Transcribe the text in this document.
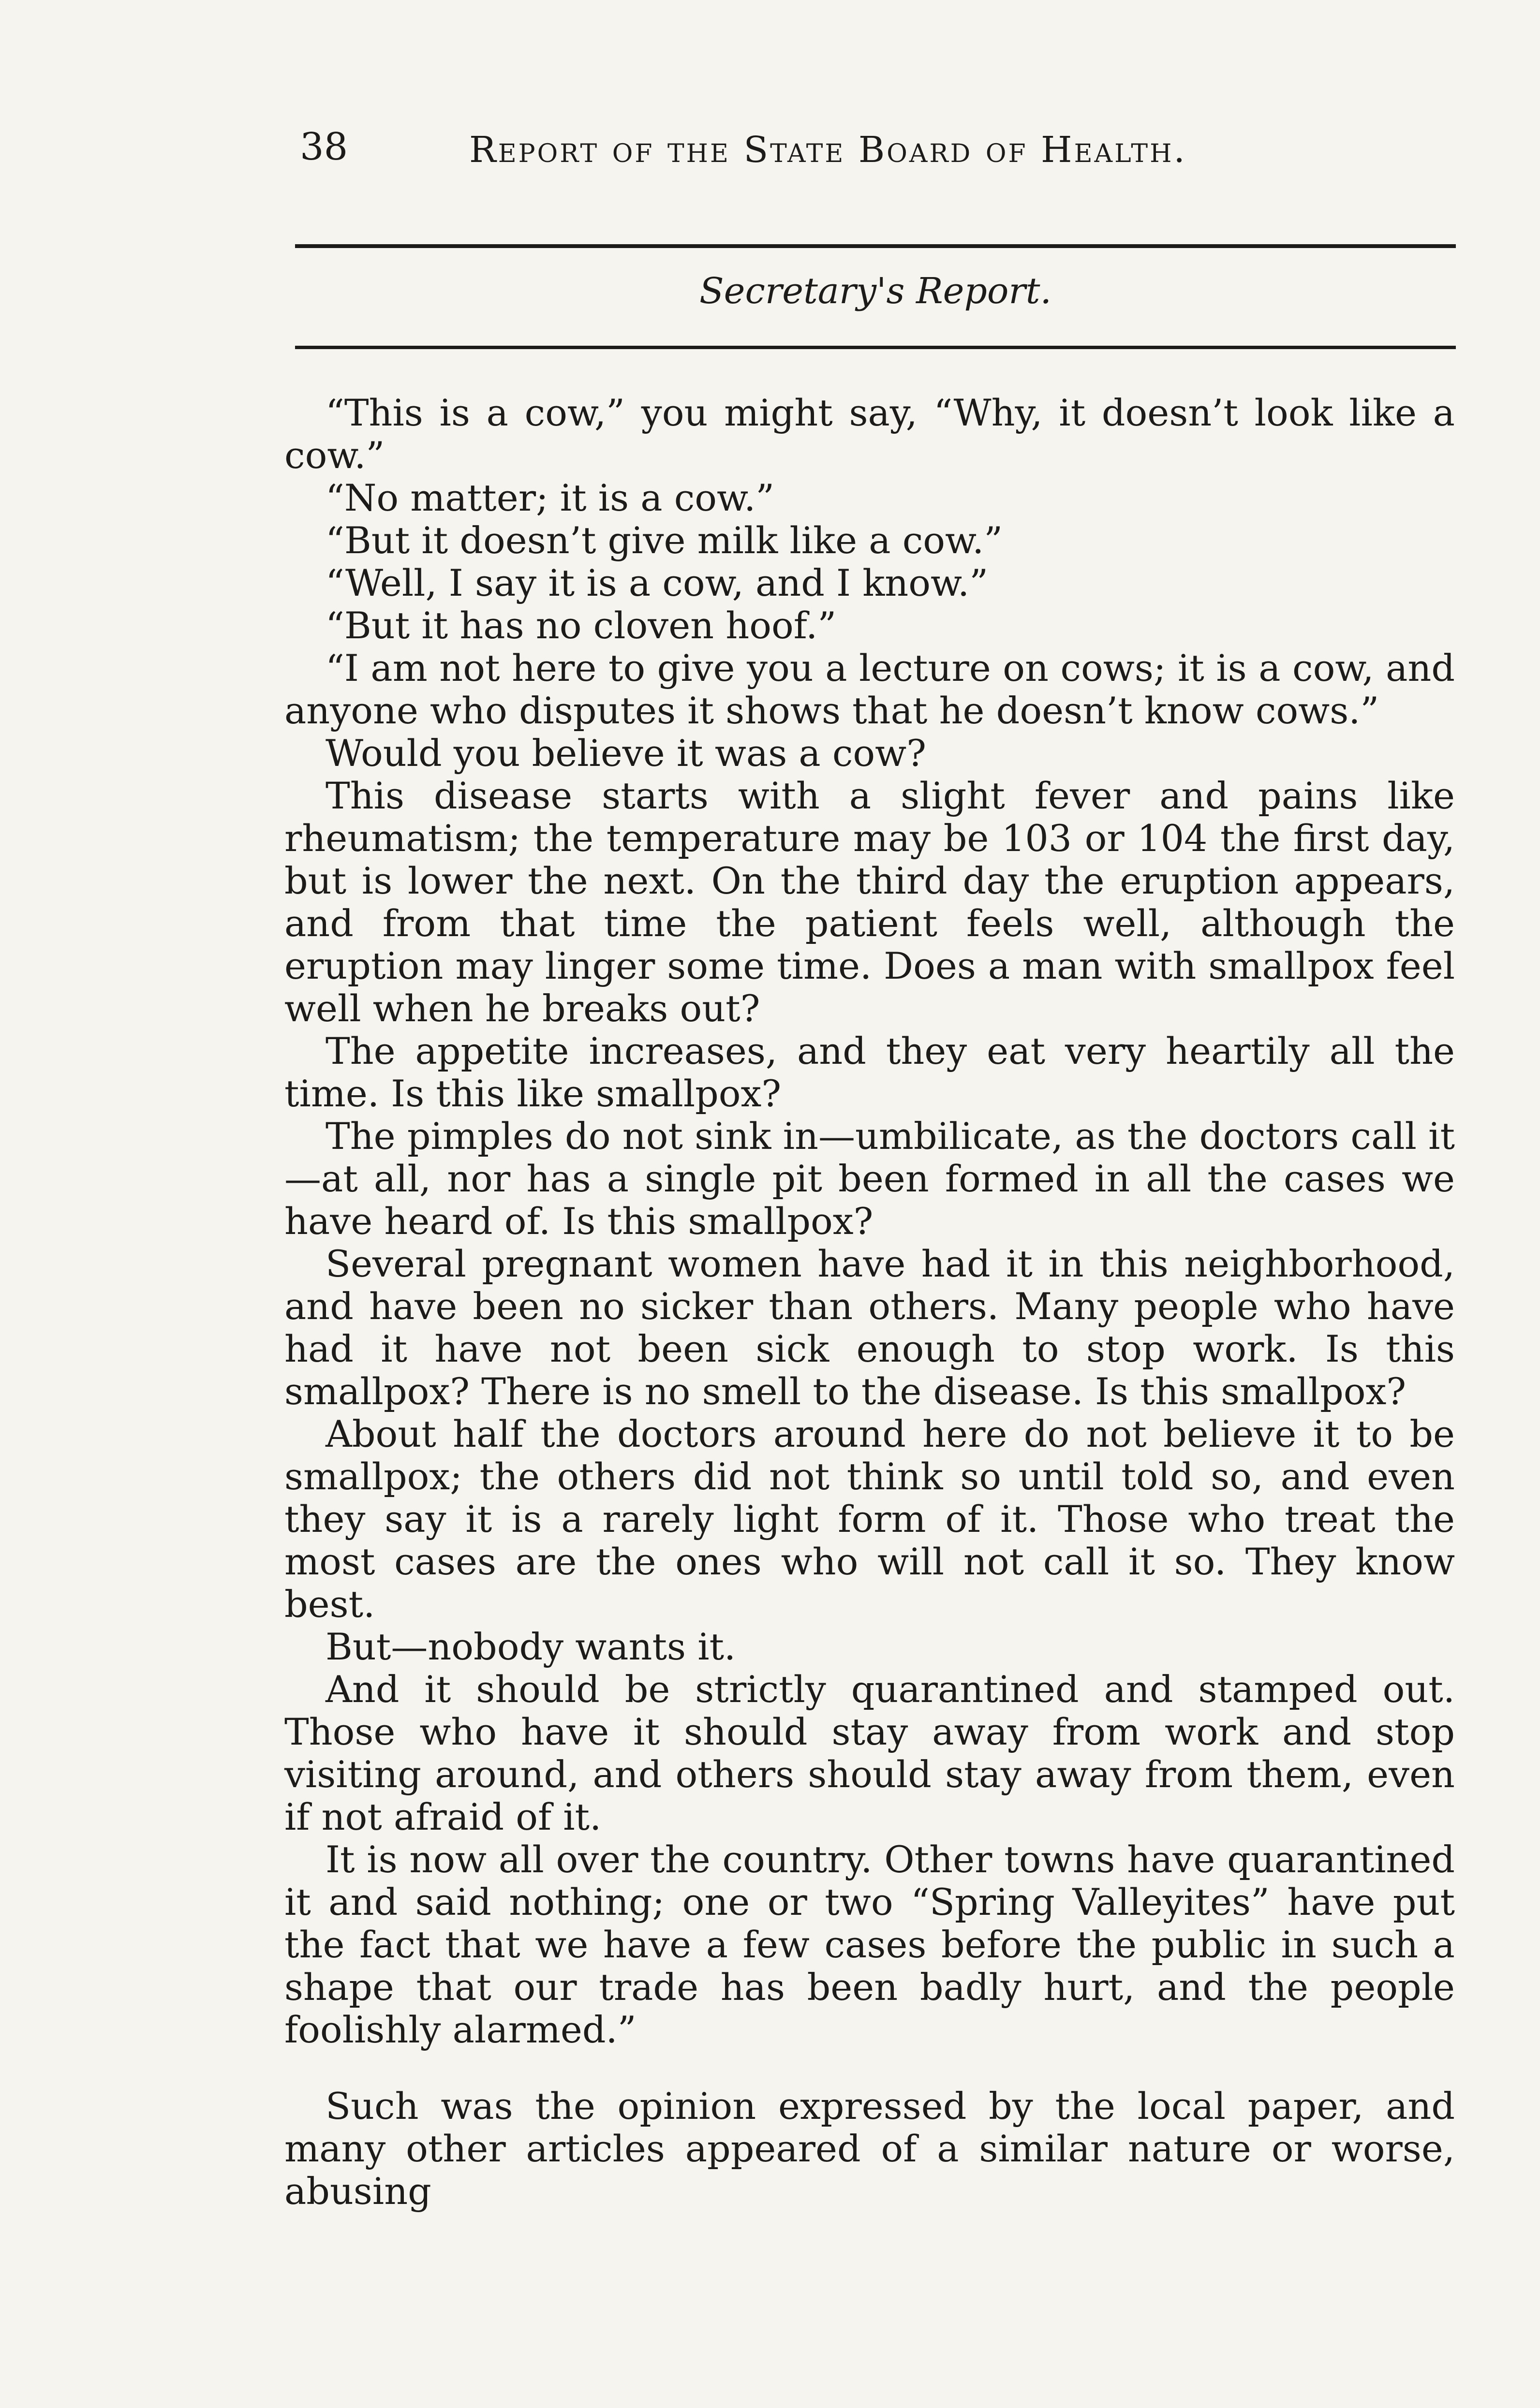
38	Report of the State Board of Health.
Secretary's Report.

“This is a cow,” you might say, “Why, it doesn’t look like a cow.”

“No matter; it is a cow.”

“But it doesn’t give milk like a cow.”

“Well, I say it is a cow, and I know.”

“But it has no cloven hoof.”

“I am not here to give you a lecture on cows; it is a cow, and anyone who disputes it shows that he doesn’t know cows.”

Would you believe it was a cow?

This disease starts with a slight fever and pains like rheumatism; the temperature may be 103 or 104 the first day, but is lower the next. On the third day the eruption appears, and from that time the patient feels well, although the eruption may linger some time. Does a man with smallpox feel well when he breaks out?

The appetite increases, and they eat very heartily all the time. Is this like smallpox?

The pimples do not sink in—umbilicate, as the doctors call it—at all, nor has a single pit been formed in all the cases we have heard of. Is this smallpox?

Several pregnant women have had it in this neighborhood, and have been no sicker than others. Many people who have had it have not been sick enough to stop work. Is this smallpox? There is no smell to the disease. Is this smallpox?

About half the doctors around here do not believe it to be smallpox; the others did not think so until told so, and even they say it is a rarely light form of it. Those who treat the most cases are the ones who will not call it so. They know best.

But—nobody wants it.

And it should be strictly quarantined and stamped out. Those who have it should stay away from work and stop visiting around, and others should stay away from them, even if not afraid of it.

It is now all over the country. Other towns have quarantined it and said nothing; one or two “Spring Valleyites” have put the fact that we have a few cases before the public in such a shape that our trade has been badly hurt, and the people foolishly alarmed.”

Such was the opinion expressed by the local paper, and many other articles appeared of a similar nature or worse, abusing
